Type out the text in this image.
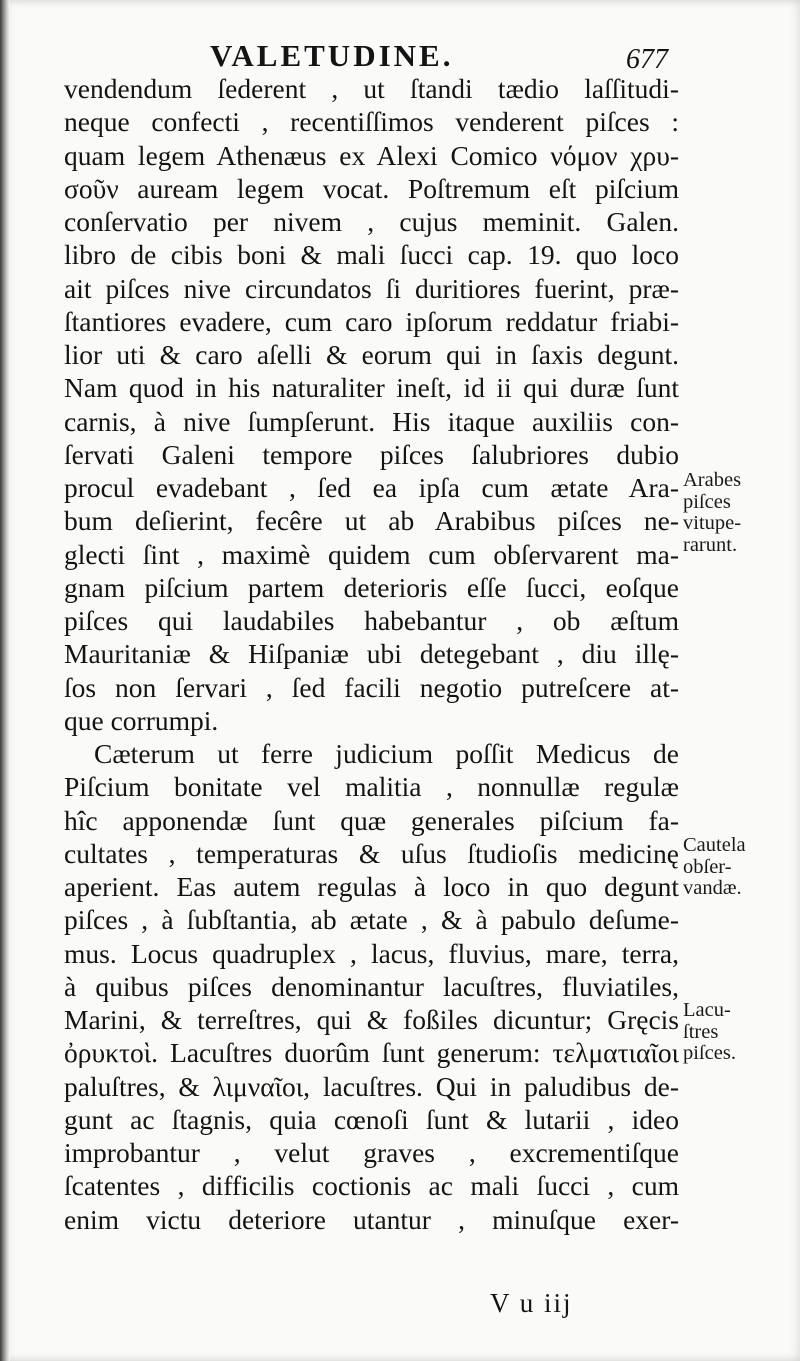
VALETUDINE.	677
vendendum ſederent , ut ſtandi tædio laſſitudi-
neque confecti , recentiſſimos venderent piſces :
quam legem Athenæus ex Alexi Comico νόμον χρυ-
σοῦν auream legem vocat. Poſtremum eſt piſcium
conſervatio per nivem , cujus meminit. Galen.
libro de cibis boni & mali ſucci cap. 19. quo loco
ait piſces nive circundatos ſi duritiores fuerint, præ-
ſtantiores evadere, cum caro ipſorum reddatur friabi-
lior uti & caro aſelli & eorum qui in ſaxis degunt.
Nam quod in his naturaliter ineſt, id ii qui duræ ſunt
carnis, à nive ſumpſerunt. His itaque auxiliis con-
ſervati Galeni tempore piſces ſalubriores dubio
procul evadebant , ſed ea ipſa cum ætate Ara-
bum deſierint, fecêre ut ab Arabibus piſces ne-
glecti ſint , maximè quidem cum obſervarent ma-
gnam piſcium partem deterioris eſſe ſucci, eoſque
piſces qui laudabiles habebantur , ob æſtum
Mauritaniæ & Hiſpaniæ ubi detegebant , diu illę-
ſos non ſervari , ſed facili negotio putreſcere at-
que corrumpi.
Cæterum ut ferre judicium poſſit Medicus de
Piſcium bonitate vel malitia , nonnullæ regulæ
hîc apponendæ ſunt quæ generales piſcium fa-
cultates , temperaturas & uſus ſtudioſis medicinę
aperient. Eas autem regulas à loco in quo degunt
piſces , à ſubſtantia, ab ætate , & à pabulo deſume-
mus. Locus quadruplex , lacus, fluvius, mare, terra,
à quibus piſces denominantur lacuſtres, fluviatiles,
Marini, & terreſtres, qui & foßiles dicuntur; Gręcis
ὀρυκτοὶ. Lacuſtres duorûm ſunt generum: τελματιαῖοι
paluſtres, & λιμναῖοι, lacuſtres. Qui in paludibus de-
gunt ac ſtagnis, quia cœnoſi ſunt & lutarii , ideo
improbantur , velut graves , excrementiſque
ſcatentes , difficilis coctionis ac mali ſucci , cum
enim victu deteriore utantur , minuſque exer-
Arabes
piſces
vitupe-
rarunt.
Cautela
obſer-
vandæ.
Lacu-
ſtres
piſces.
V u iij
